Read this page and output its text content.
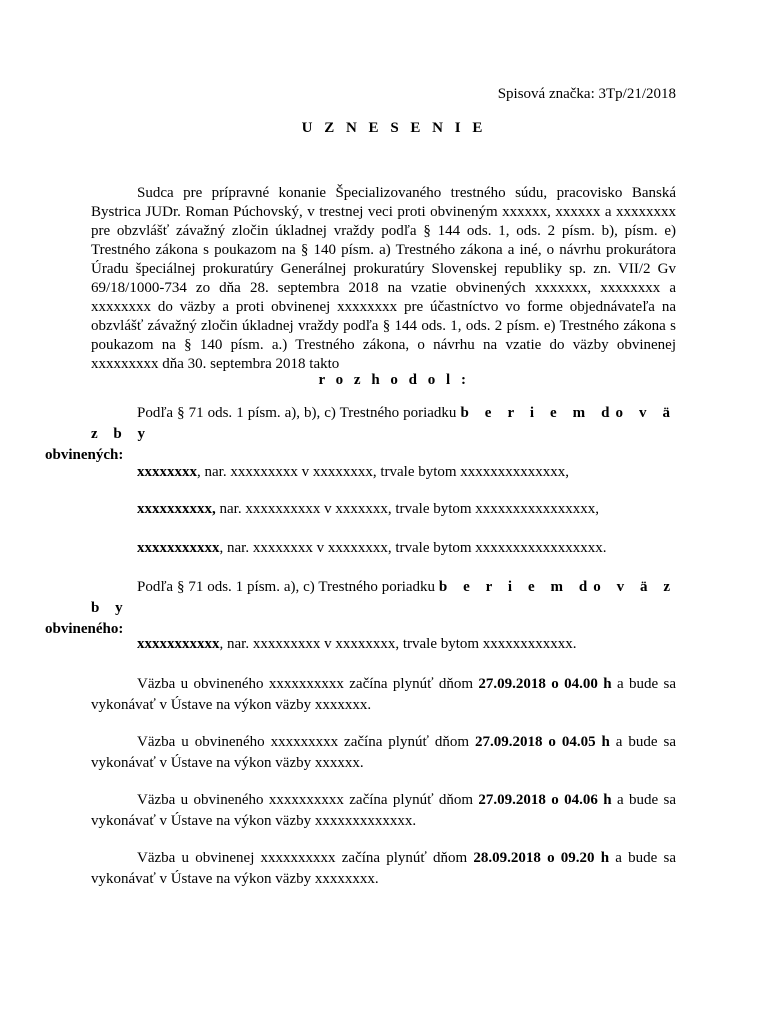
Spisová značka: 3Tp/21/2018
U Z N E S E N I E

Sudca pre prípravné konanie Špecializovaného trestného súdu, pracovisko Banská Bystrica JUDr. Roman Púchovský, v trestnej veci proti obvineným xxxxxx, xxxxxx a xxxxxxxx pre obzvlášť závažný zločin úkladnej vraždy podľa § 144 ods. 1, ods. 2 písm. b), písm. e) Trestného zákona s poukazom na § 140 písm. a) Trestného zákona a iné, o návrhu prokurátora Úradu špeciálnej prokuratúry Generálnej prokuratúry Slovenskej republiky sp. zn. VII/2 Gv 69/18/1000-734 zo dňa 28. septembra 2018 na vzatie obvinených xxxxxxx, xxxxxxxx a xxxxxxxx do väzby a proti obvinenej xxxxxxxx pre účastníctvo vo forme objednávateľa na obzvlášť závažný zločin úkladnej vraždy podľa § 144 ods. 1, ods. 2 písm. e) Trestného zákona s poukazom na § 140 písm. a.) Trestného zákona, o návrhu na vzatie do väzby obvinenej xxxxxxxxx dňa 30. septembra 2018 takto

r o z h o d o l :

Podľa § 71 ods. 1 písm. a), b), c) Trestného poriadku b e r i e m do v ä z b y
obvinených:

xxxxxxxx, nar. xxxxxxxxx v xxxxxxxx, trvale bytom xxxxxxxxxxxxxx,

xxxxxxxxxx, nar. xxxxxxxxxx v xxxxxxx, trvale bytom xxxxxxxxxxxxxxxx,

xxxxxxxxxxx, nar. xxxxxxxx v xxxxxxxx, trvale bytom xxxxxxxxxxxxxxxxx.

Podľa § 71 ods. 1 písm. a), c) Trestného poriadku b e r i e m do v ä z b y
obvineného:

xxxxxxxxxxx, nar. xxxxxxxxx v xxxxxxxx, trvale bytom xxxxxxxxxxxx.

Väzba u obvineného xxxxxxxxxx začína plynúť dňom 27.09.2018 o 04.00 h a bude sa vykonávať v Ústave na výkon väzby xxxxxxx.

Väzba u obvineného xxxxxxxxx začína plynúť dňom 27.09.2018 o 04.05 h a bude sa vykonávať v Ústave na výkon väzby xxxxxx.

Väzba u obvineného xxxxxxxxxx začína plynúť dňom 27.09.2018 o 04.06 h a bude sa vykonávať v Ústave na výkon väzby xxxxxxxxxxxxx.

Väzba u obvinenej xxxxxxxxxx začína plynúť dňom 28.09.2018 o 09.20 h a bude sa vykonávať v Ústave na výkon väzby xxxxxxxx.
